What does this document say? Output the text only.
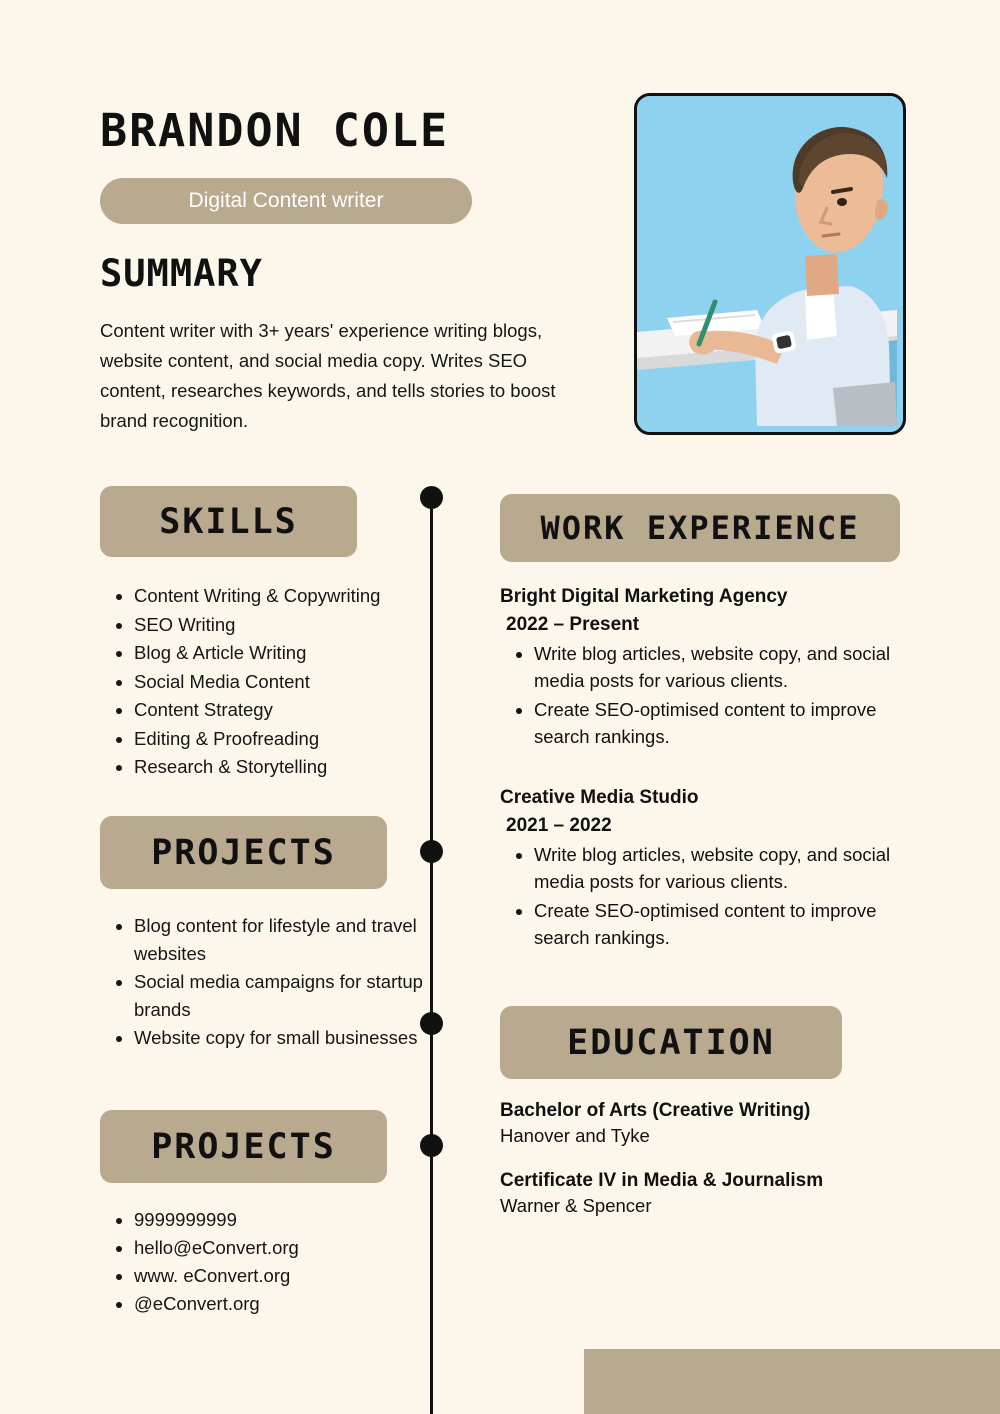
BRANDON COLE
Digital Content writer
SUMMARY
Content writer with 3+ years' experience writing blogs, website content, and social media copy. Writes SEO content, researches keywords, and tells stories to boost brand recognition.
SKILLS
• Content Writing & Copywriting
• SEO Writing
• Blog & Article Writing
• Social Media Content
• Content Strategy
• Editing & Proofreading
• Research & Storytelling
PROJECTS
• Blog content for lifestyle and travel websites
• Social media campaigns for startup brands
• Website copy for small businesses
PROJECTS
• 9999999999
• hello@eConvert.org
• www. eConvert.org
• @eConvert.org
WORK EXPERIENCE

Bright Digital Marketing Agency

2022 – Present

• Write blog articles, website copy, and social media posts for various clients.
• Create SEO-optimised content to improve search rankings.

Creative Media Studio

2021 – 2022

• Write blog articles, website copy, and social media posts for various clients.
• Create SEO-optimised content to improve search rankings.
EDUCATION

Bachelor of Arts (Creative Writing)

Hanover and Tyke

Certificate IV in Media & Journalism

Warner & Spencer
